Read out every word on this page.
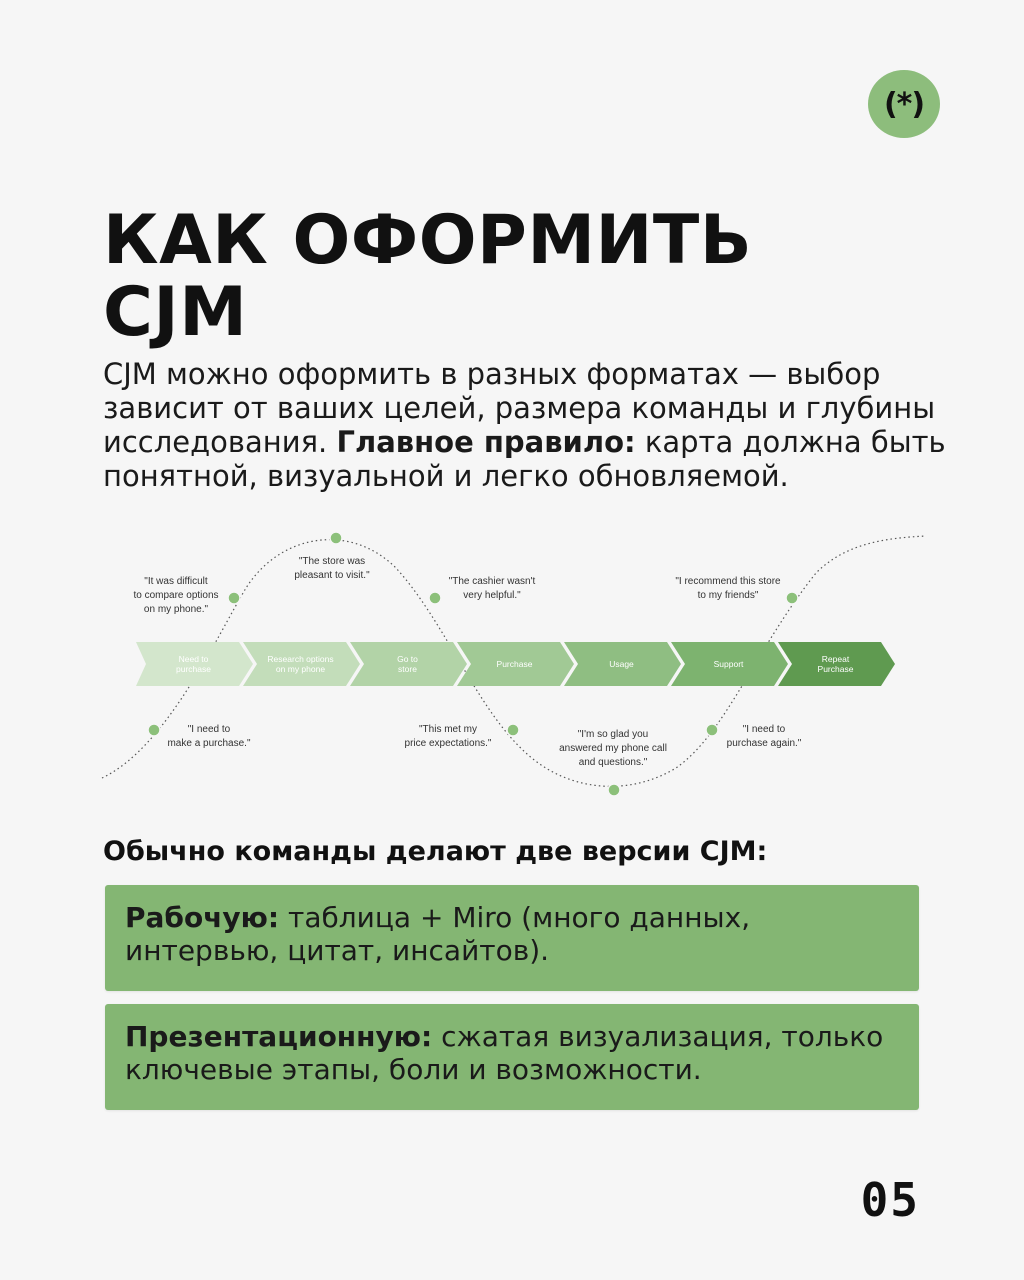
(*)
КАК ОФОРМИТЬ
CJM

CJM можно оформить в разных форматах — выбор зависит от ваших целей, размера команды и глубины исследования. Главное правило: карта должна быть понятной, визуальной и легко обновляемой.

Need to purchase
Research options on my phone
Go to store	Purchase	Usage	Support	Repeat Purchase
"It was difficult to compare options on my phone."
"The store was pleasant to visit."
"The cashier wasn't very helpful."
"I recommend this store to my friends"
"I need to make a purchase."
"This met my price expectations."
"I'm so glad you answered my phone call and questions."
"I need to purchase again."
Обычно команды делают две версии CJM:
Рабочую: таблица + Miro (много данных, интервью, цитат, инсайтов).
Презентационную: сжатая визуализация, только ключевые этапы, боли и возможности.
05
